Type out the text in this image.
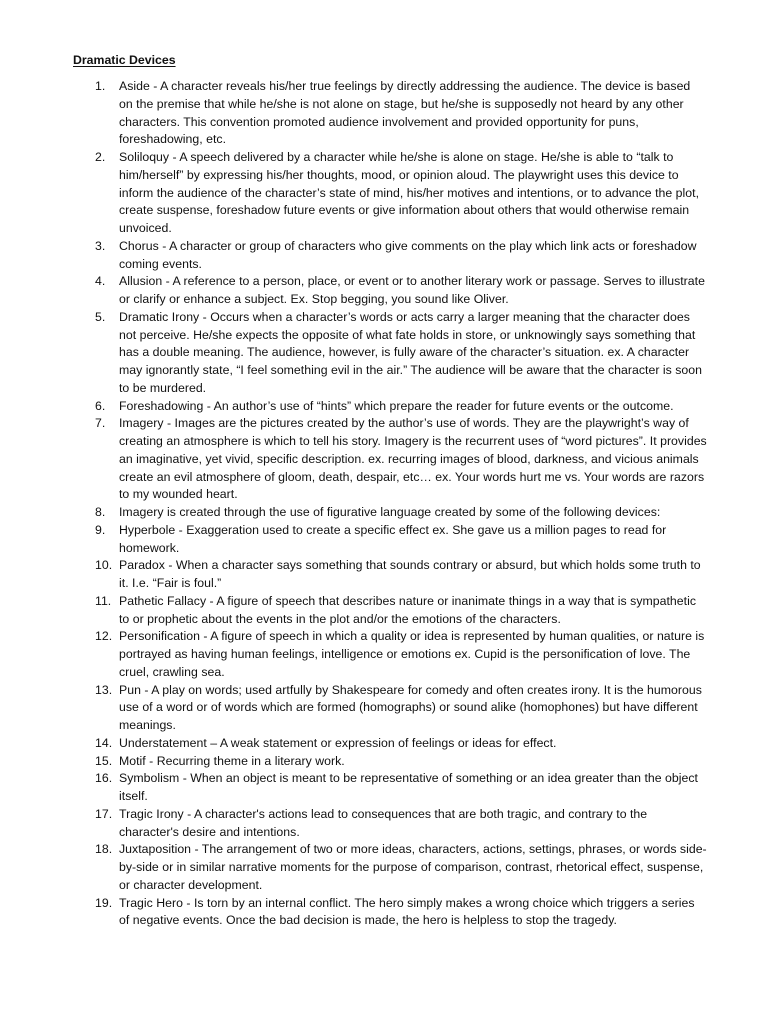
Dramatic Devices
1.	Aside - A character reveals his/her true feelings by directly addressing the audience. The device is based on the premise that while he/she is not alone on stage, but he/she is supposedly not heard by any other characters. This convention promoted audience involvement and provided opportunity for puns, foreshadowing, etc.
2.	Soliloquy - A speech delivered by a character while he/she is alone on stage. He/she is able to “talk to him/herself” by expressing his/her thoughts, mood, or opinion aloud. The playwright uses this device to inform the audience of the character’s state of mind, his/her motives and intentions, or to advance the plot, create suspense, foreshadow future events or give information about others that would otherwise remain unvoiced.
3.	Chorus - A character or group of characters who give comments on the play which link acts or foreshadow coming events.
4.	Allusion - A reference to a person, place, or event or to another literary work or passage. Serves to illustrate or clarify or enhance a subject. Ex. Stop begging, you sound like Oliver.
5.	Dramatic Irony - Occurs when a character’s words or acts carry a larger meaning that the character does not perceive. He/she expects the opposite of what fate holds in store, or unknowingly says something that has a double meaning. The audience, however, is fully aware of the character’s situation. ex. A character may ignorantly state, “I feel something evil in the air.” The audience will be aware that the character is soon to be murdered.
6.	Foreshadowing - An author’s use of “hints” which prepare the reader for future events or the outcome.
7.	Imagery - Images are the pictures created by the author’s use of words. They are the playwright’s way of creating an atmosphere is which to tell his story. Imagery is the recurrent uses of “word pictures”. It provides an imaginative, yet vivid, specific description. ex. recurring images of blood, darkness, and vicious animals create an evil atmosphere of gloom, death, despair, etc… ex. Your words hurt me vs. Your words are razors to my wounded heart.
8.	Imagery is created through the use of figurative language created by some of the following devices:
9.	Hyperbole - Exaggeration used to create a specific effect ex. She gave us a million pages to read for homework.
10. Paradox - When a character says something that sounds contrary or absurd, but which holds some truth to it. I.e. “Fair is foul.”
11. Pathetic Fallacy - A figure of speech that describes nature or inanimate things in a way that is sympathetic to or prophetic about the events in the plot and/or the emotions of the characters.
12. Personification - A figure of speech in which a quality or idea is represented by human qualities, or nature is portrayed as having human feelings, intelligence or emotions ex. Cupid is the personification of love. The cruel, crawling sea.
13. Pun - A play on words; used artfully by Shakespeare for comedy and often creates irony. It is the humorous use of a word or of words which are formed (homographs) or sound alike (homophones) but have different meanings.
14. Understatement – A weak statement or expression of feelings or ideas for effect.
15. Motif - Recurring theme in a literary work.
16. Symbolism - When an object is meant to be representative of something or an idea greater than the object itself.
17. Tragic Irony - A character's actions lead to consequences that are both tragic, and contrary to the character's desire and intentions.
18. Juxtaposition - The arrangement of two or more ideas, characters, actions, settings, phrases, or words side-by-side or in similar narrative moments for the purpose of comparison, contrast, rhetorical effect, suspense, or character development.
19. Tragic Hero - Is torn by an internal conflict. The hero simply makes a wrong choice which triggers a series of negative events. Once the bad decision is made, the hero is helpless to stop the tragedy.
